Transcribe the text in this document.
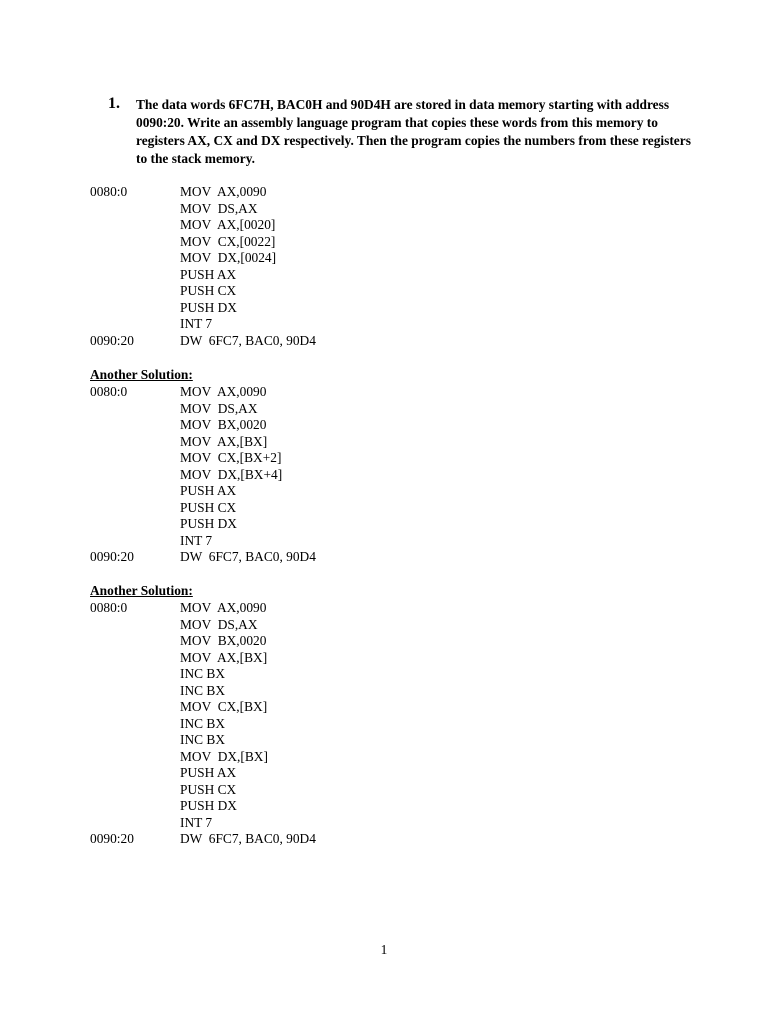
1. The data words 6FC7H, BAC0H and 90D4H are stored in data memory starting with address 0090:20. Write an assembly language program that copies these words from this memory to registers AX, CX and DX respectively. Then the program copies the numbers from these registers to the stack memory.

0080:0	MOV  AX,0090
MOV  DS,AX
MOV  AX,[0020]
MOV  CX,[0022]
MOV  DX,[0024]
PUSH AX
PUSH CX
PUSH DX
INT 7
0090:20	DW  6FC7, BAC0, 90D4
Another Solution:
0080:0	MOV  AX,0090
MOV  DS,AX
MOV  BX,0020
MOV  AX,[BX]
MOV  CX,[BX+2]
MOV  DX,[BX+4]
PUSH AX
PUSH CX
PUSH DX
INT 7
0090:20	DW  6FC7, BAC0, 90D4
Another Solution:
0080:0	MOV  AX,0090
MOV  DS,AX
MOV  BX,0020
MOV  AX,[BX]
INC BX
INC BX
MOV  CX,[BX]
INC BX
INC BX
MOV  DX,[BX]
PUSH AX
PUSH CX
PUSH DX
INT 7
0090:20	DW  6FC7, BAC0, 90D4
1
